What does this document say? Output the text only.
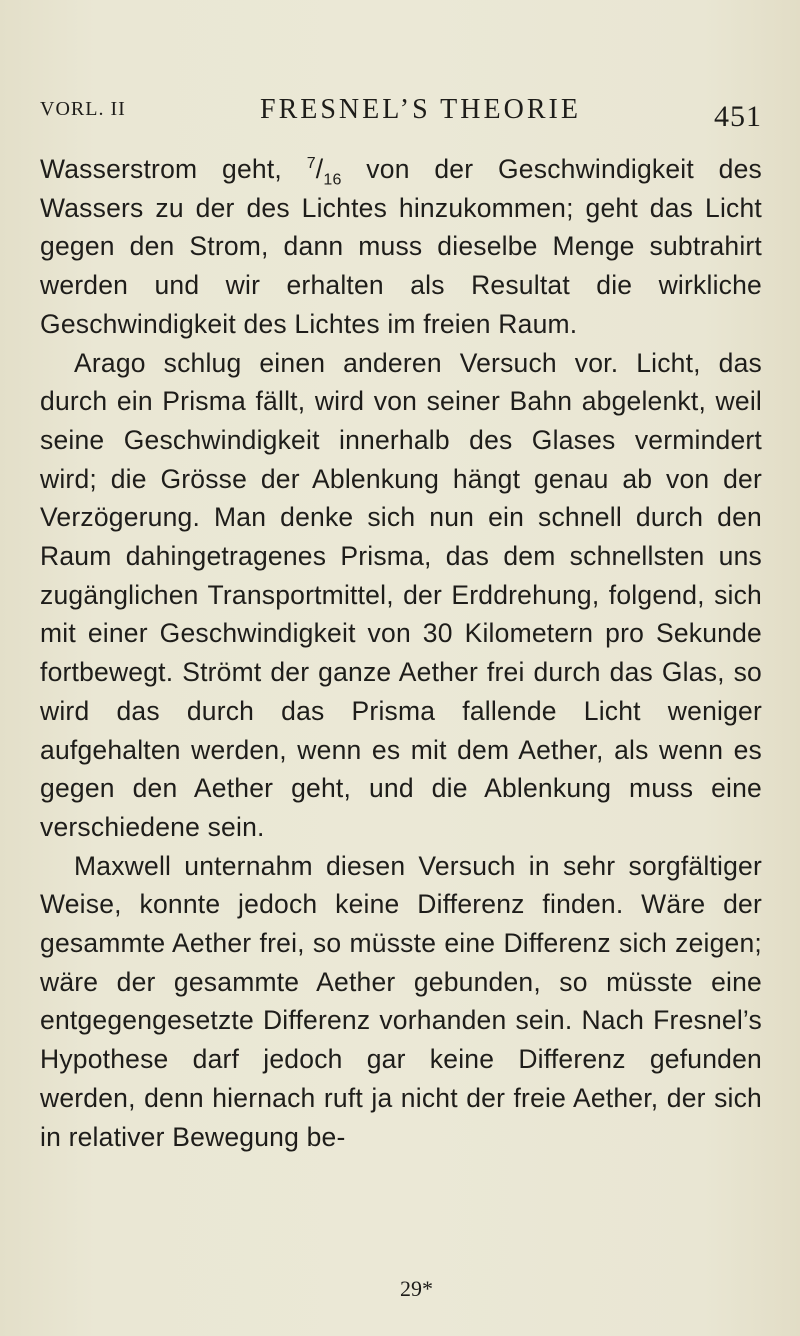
VORL. II	FRESNEL’S THEORIE	451

Wasserstrom geht, $^7/_{16}$ von der Geschwindigkeit des Wassers zu der des Lichtes hinzukommen; geht das Licht gegen den Strom, dann muss dieselbe Menge subtrahirt werden und wir erhalten als Resultat die wirkliche Geschwindigkeit des Lichtes im freien Raum.

Arago schlug einen anderen Versuch vor. Licht, das durch ein Prisma fällt, wird von seiner Bahn abgelenkt, weil seine Geschwindigkeit innerhalb des Glases vermindert wird; die Grösse der Ablenkung hängt genau ab von der Verzögerung. Man denke sich nun ein schnell durch den Raum dahingetragenes Prisma, das dem schnellsten uns zugänglichen Transportmittel, der Erddrehung, folgend, sich mit einer Geschwindigkeit von 30 Kilometern pro Sekunde fortbewegt. Strömt der ganze Aether frei durch das Glas, so wird das durch das Prisma fallende Licht weniger aufgehalten werden, wenn es mit dem Aether, als wenn es gegen den Aether geht, und die Ablenkung muss eine verschiedene sein.

Maxwell unternahm diesen Versuch in sehr sorgfältiger Weise, konnte jedoch keine Differenz finden. Wäre der gesammte Aether frei, so müsste eine Differenz sich zeigen; wäre der gesammte Aether gebunden, so müsste eine entgegengesetzte Differenz vorhanden sein. Nach Fresnel’s Hypothese darf jedoch gar keine Differenz gefunden werden, denn hiernach ruft ja nicht der freie Aether, der sich in relativer Bewegung be-

29*
